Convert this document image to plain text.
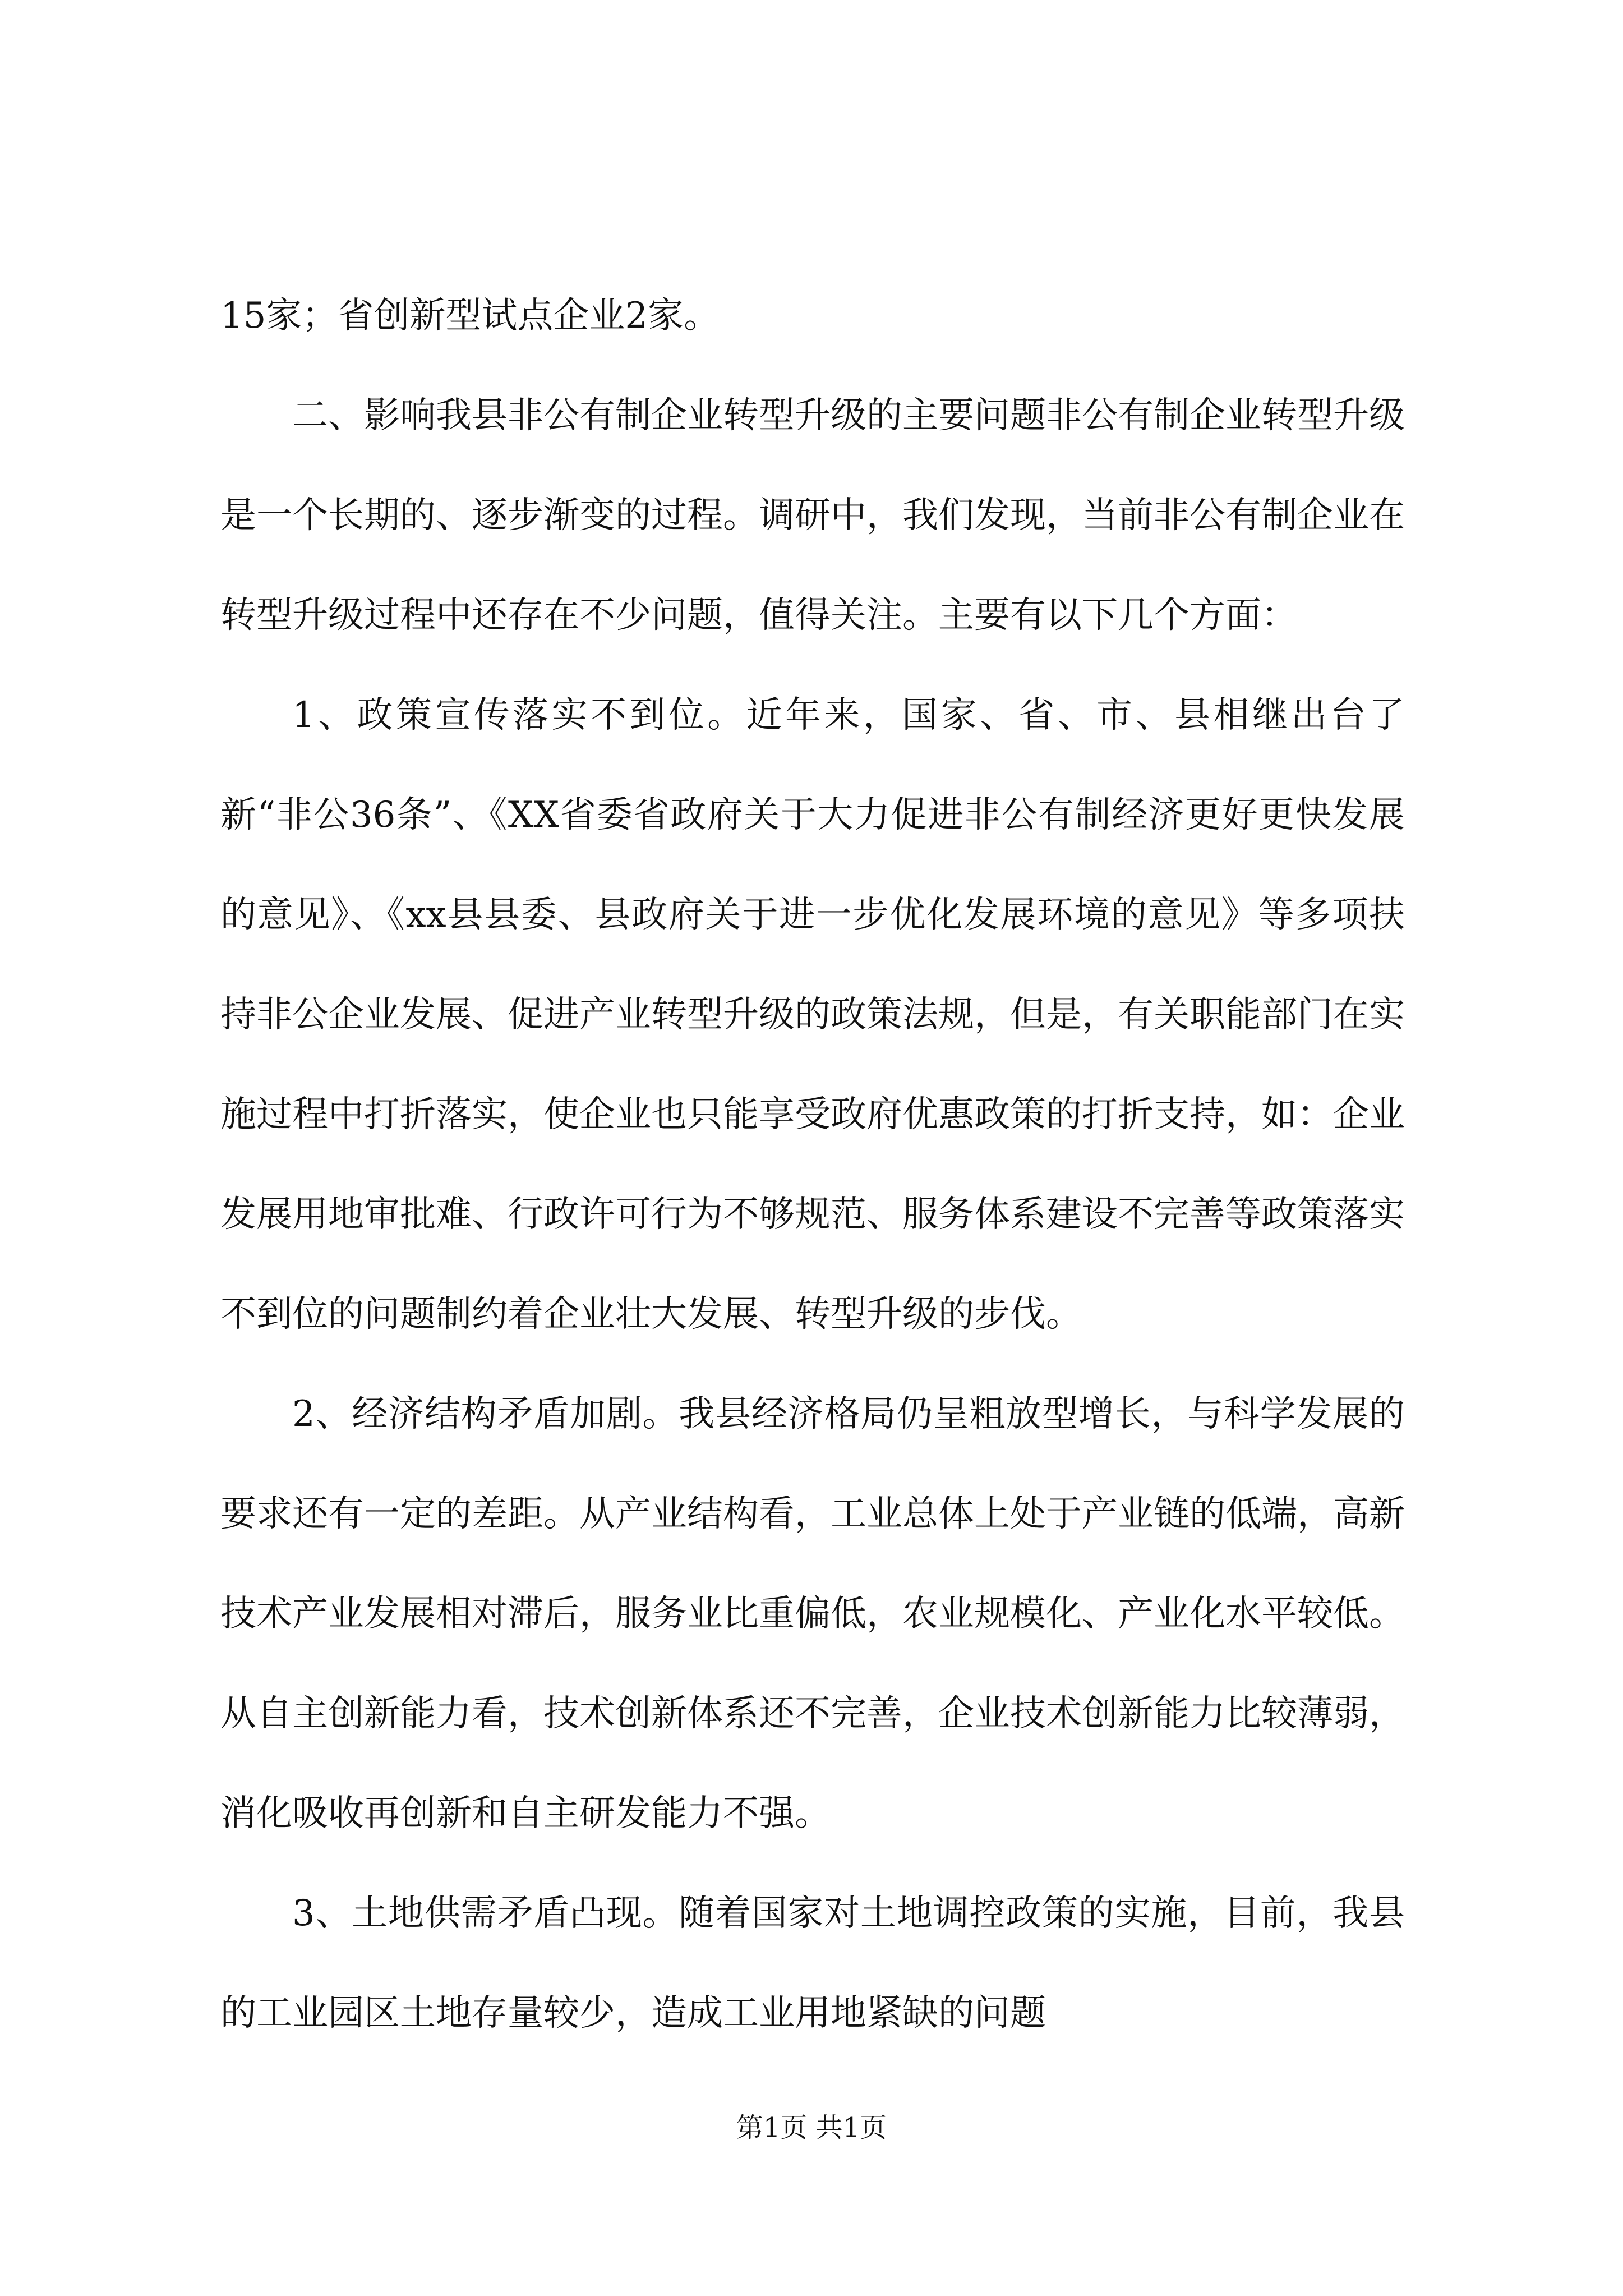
15家；省创新型试点企业2家。

二、影响我县非公有制企业转型升级的主要问题非公有制企业转型升级是一个长期的、逐步渐变的过程。调研中，我们发现，当前非公有制企业在转型升级过程中还存在不少问题，值得关注。主要有以下几个方面：

1、政策宣传落实不到位。近年来，国家、省、市、县相继出台了新“非公36条”、《XX省委省政府关于大力促进非公有制经济更好更快发展的意见》、《xx县县委、县政府关于进一步优化发展环境的意见》等多项扶持非公企业发展、促进产业转型升级的政策法规，但是，有关职能部门在实施过程中打折落实，使企业也只能享受政府优惠政策的打折支持，如：企业发展用地审批难、行政许可行为不够规范、服务体系建设不完善等政策落实不到位的问题制约着企业壮大发展、转型升级的步伐。

2、经济结构矛盾加剧。我县经济格局仍呈粗放型增长，与科学发展的要求还有一定的差距。从产业结构看，工业总体上处于产业链的低端，高新技术产业发展相对滞后，服务业比重偏低，农业规模化、产业化水平较低。从自主创新能力看，技术创新体系还不完善，企业技术创新能力比较薄弱，消化吸收再创新和自主研发能力不强。

3、土地供需矛盾凸现。随着国家对土地调控政策的实施，目前，我县的工业园区土地存量较少，造成工业用地紧缺的问题

第1页 共1页
